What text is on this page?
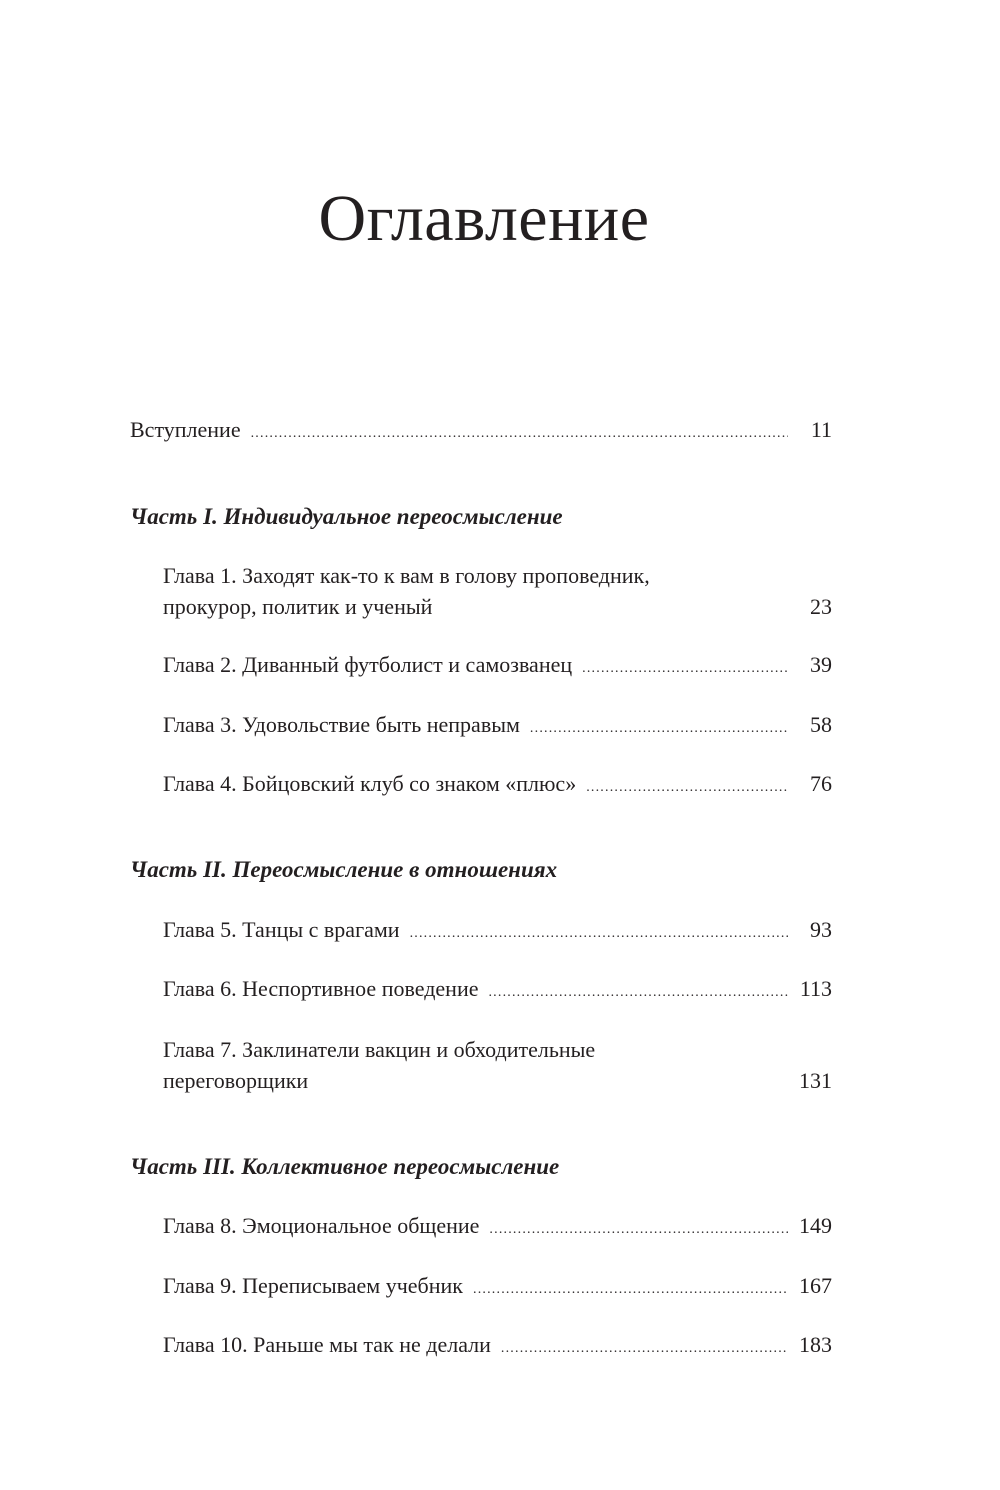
Оглавление
Вступление .....	11
Часть I. Индивидуальное переосмысление
Глава 1. Заходят как-то к вам в голову проповедник,
прокурор, политик и ученый	23
Глава 2. Диванный футболист и самозванец .....	39
Глава 3. Удовольствие быть неправым .....	58
Глава 4. Бойцовский клуб со знаком «плюс» .....	76
Часть II. Переосмысление в отношениях
Глава 5. Танцы с врагами .....	93
Глава 6. Неспортивное поведение .....	113
Глава 7. Заклинатели вакцин и обходительные
переговорщики	131
Часть III. Коллективное переосмысление
Глава 8. Эмоциональное общение .....	149
Глава 9. Переписываем учебник .....	167
Глава 10. Раньше мы так не делали .....	183
